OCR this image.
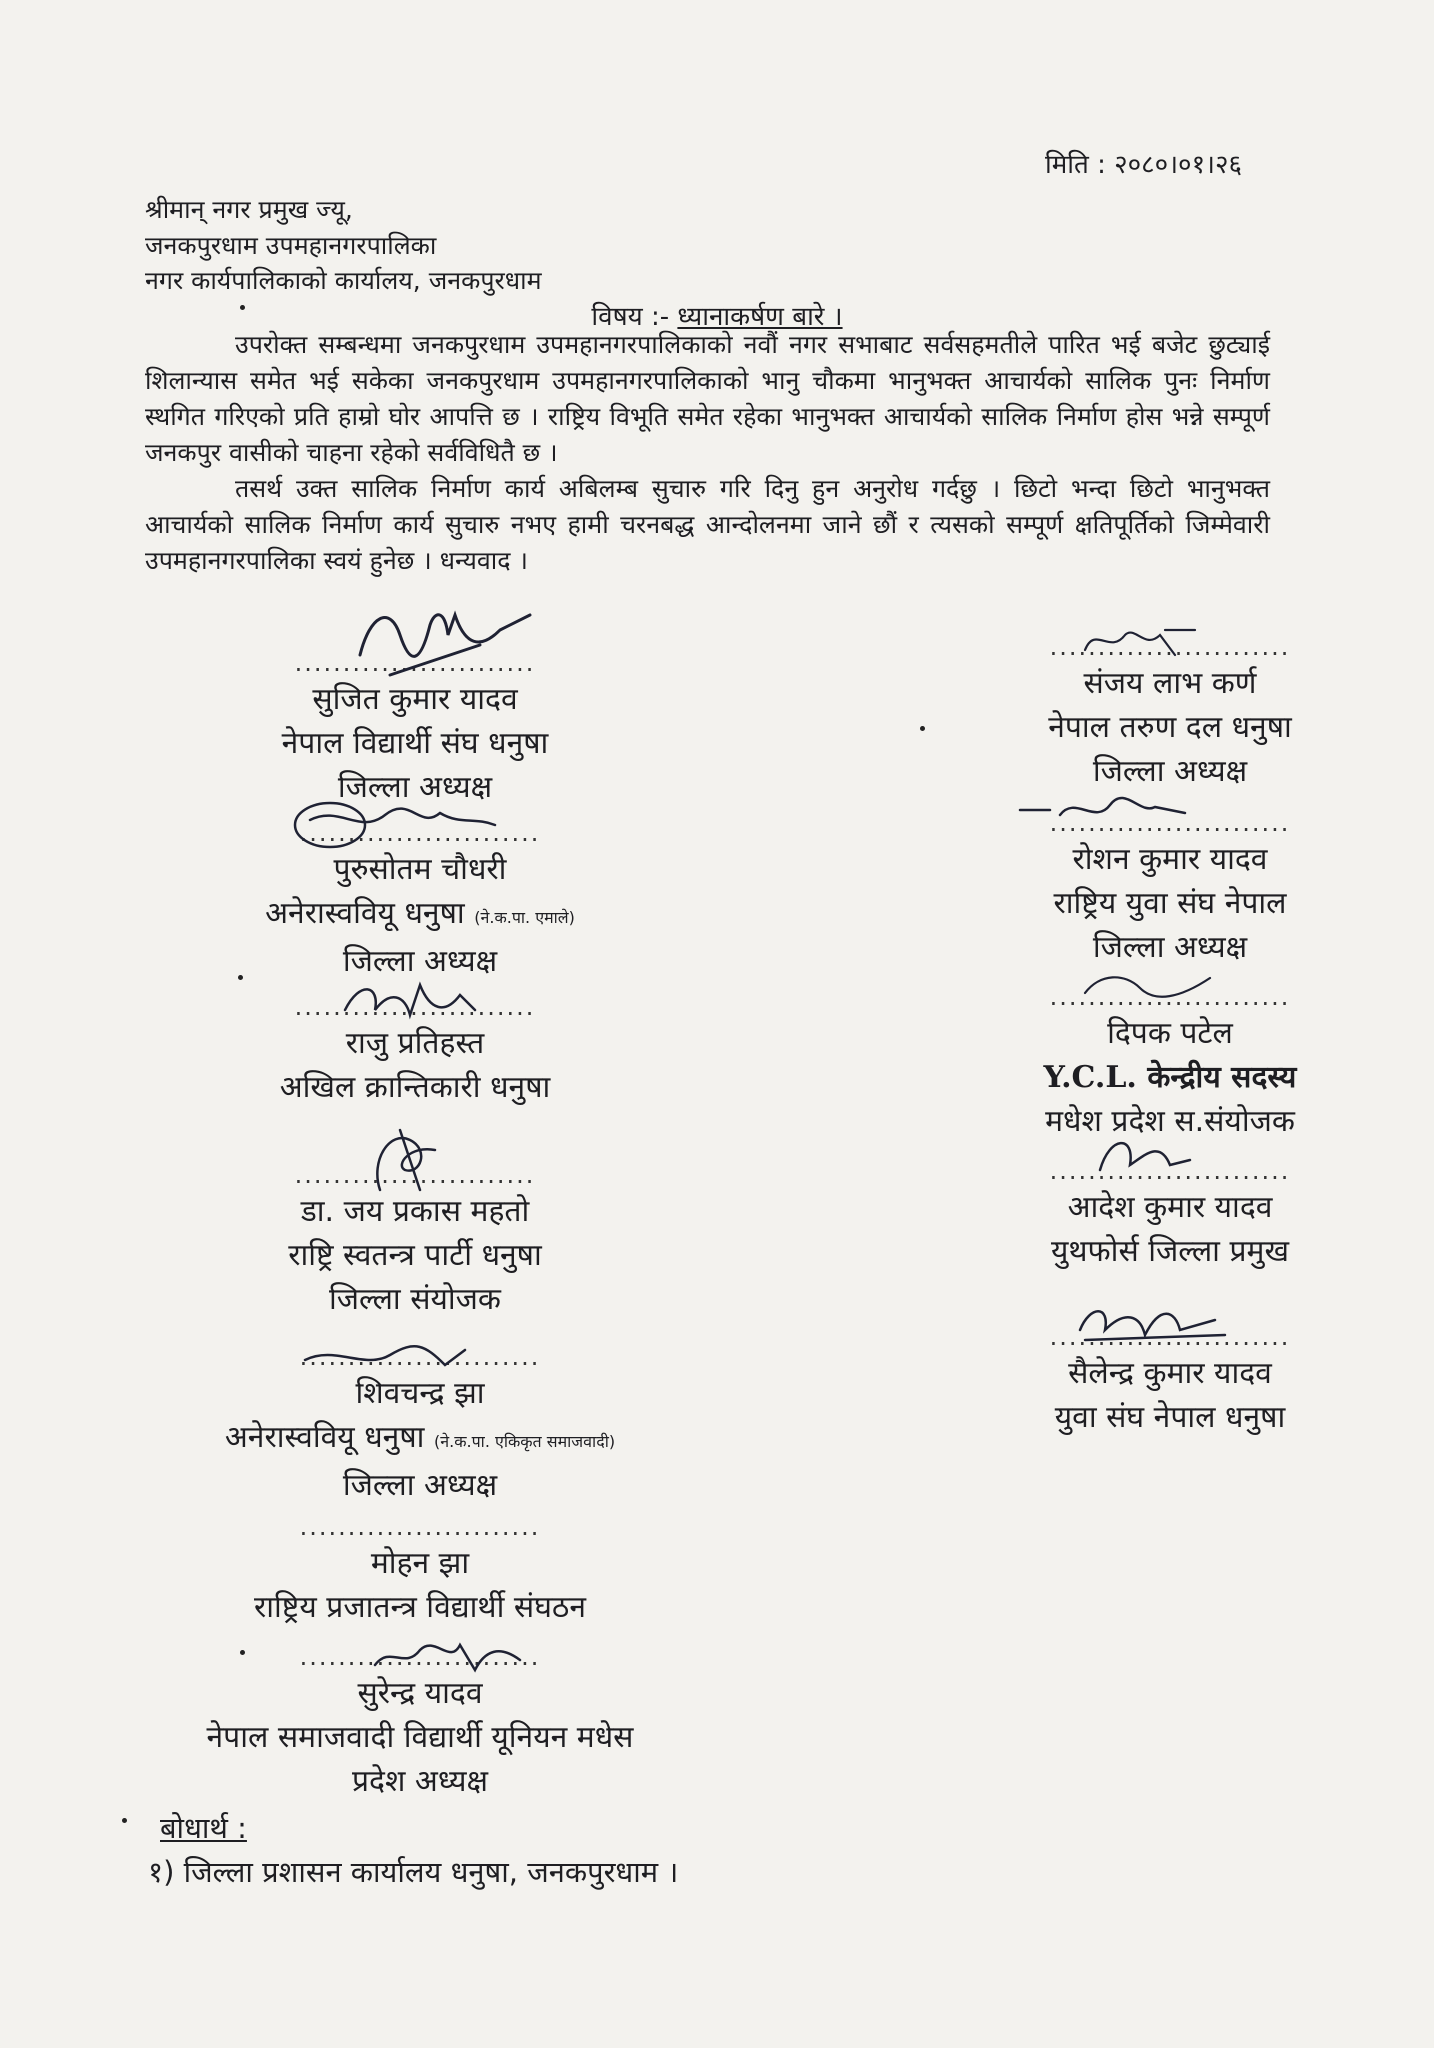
मिति : २०८०।०१।२६
श्रीमान् नगर प्रमुख ज्यू,
जनकपुरधाम उपमहानगरपालिका
नगर कार्यपालिकाको कार्यालय, जनकपुरधाम
विषय :- ध्यानाकर्षण बारे ।

उपरोक्त सम्बन्धमा जनकपुरधाम उपमहानगरपालिकाको नवौं नगर सभाबाट सर्वसहमतीले पारित भई बजेट छुट्याई शिलान्यास समेत भई सकेका जनकपुरधाम उपमहानगरपालिकाको भानु चौकमा भानुभक्त आचार्यको सालिक पुनः निर्माण स्थगित गरिएको प्रति हाम्रो घोर आपत्ति छ । राष्ट्रिय विभूति समेत रहेका भानुभक्त आचार्यको सालिक निर्माण होस भन्ने सम्पूर्ण जनकपुर वासीको चाहना रहेको सर्वविधितै छ ।

तसर्थ उक्त सालिक निर्माण कार्य अबिलम्ब सुचारु गरि दिनु हुन अनुरोध गर्दछु । छिटो भन्दा छिटो भानुभक्त आचार्यको सालिक निर्माण कार्य सुचारु नभए हामी चरनबद्ध आन्दोलनमा जाने छौं र त्यसको सम्पूर्ण क्षतिपूर्तिको जिम्मेवारी उपमहानगरपालिका स्वयं हुनेछ । धन्यवाद ।

.........................
सुजित कुमार यादव
नेपाल विद्यार्थी संघ धनुषा
जिल्ला अध्यक्ष
.........................
पुरुसोतम चौधरी
अनेरास्ववियू धनुषा (ने.क.पा. एमाले)
जिल्ला अध्यक्ष
.........................
राजु प्रतिहस्त
अखिल क्रान्तिकारी धनुषा
.........................
डा. जय प्रकास महतो
राष्ट्रि स्वतन्त्र पार्टी धनुषा
जिल्ला संयोजक
.........................
शिवचन्द्र झा
अनेरास्ववियू धनुषा (ने.क.पा. एकिकृत समाजवादी)
जिल्ला अध्यक्ष
.........................
मोहन झा
राष्ट्रिय प्रजातन्त्र विद्यार्थी संघठन
.........................
सुरेन्द्र यादव
नेपाल समाजवादी विद्यार्थी यूनियन मधेस
प्रदेश अध्यक्ष
.........................
संजय लाभ कर्ण
नेपाल तरुण दल धनुषा
जिल्ला अध्यक्ष
.........................
रोशन कुमार यादव
राष्ट्रिय युवा संघ नेपाल
जिल्ला अध्यक्ष
.........................
दिपक पटेल
Y.C.L. केन्द्रीय सदस्य
मधेश प्रदेश स.संयोजक
.........................
आदेश कुमार यादव
युथफोर्स जिल्ला प्रमुख
.........................
सैलेन्द्र कुमार यादव
युवा संघ नेपाल धनुषा
बोधार्थ :
१) जिल्ला प्रशासन कार्यालय धनुषा, जनकपुरधाम ।
